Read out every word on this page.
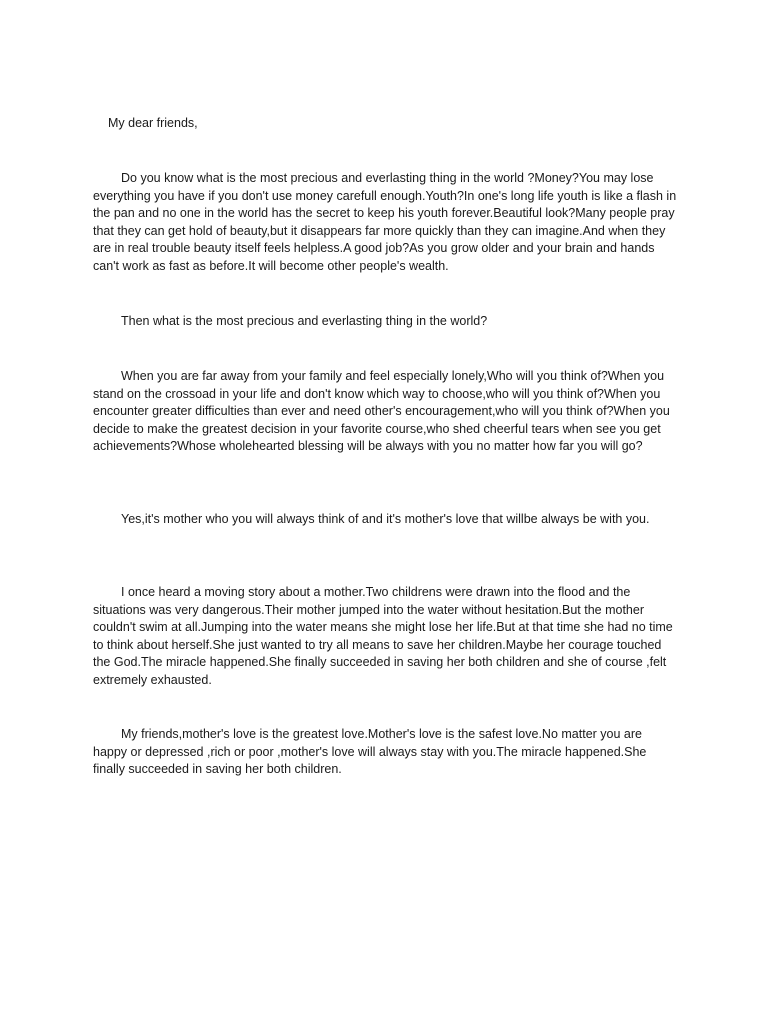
My dear friends,

Do you know what is the most precious and everlasting thing in the world ?Money?You may lose everything you have if you don't use money carefull enough.Youth?In one's long life youth is like a flash in the pan and no one in the world has the secret to keep his youth forever.Beautiful look?Many people pray that they can get hold of beauty,but it disappears far more quickly than they can imagine.And when they are in real trouble beauty itself feels helpless.A good job?As you grow older and your brain and hands can't work as fast as before.It will become other people's wealth.

Then what is the most precious and everlasting thing in the world?

When you are far away from your family and feel especially lonely,Who will you think of?When you stand on the crossoad in your life and don't know which way to choose,who will you think of?When you encounter greater difficulties than ever and need other's encouragement,who will you think of?When you decide to make the greatest decision in your favorite course,who shed cheerful tears when see you get achievements?Whose wholehearted blessing will be always with you no matter how far you will go?

Yes,it's mother who you will always think of and it's mother's love that willbe always be with you.

I once heard a moving story about a mother.Two childrens were drawn into the flood and the situations was very dangerous.Their mother jumped into the water without hesitation.But the mother couldn't swim at all.Jumping into the water means she might lose her life.But at that time she had no time to think about herself.She just wanted to try all means to save her children.Maybe her courage touched the God.The miracle happened.She finally succeeded in saving her both children and she of course ,felt extremely exhausted.

My friends,mother's love is the greatest love.Mother's love is the safest love.No matter you are happy or depressed ,rich or poor ,mother's love will always stay with you.The miracle happened.She finally succeeded in saving her both children.
